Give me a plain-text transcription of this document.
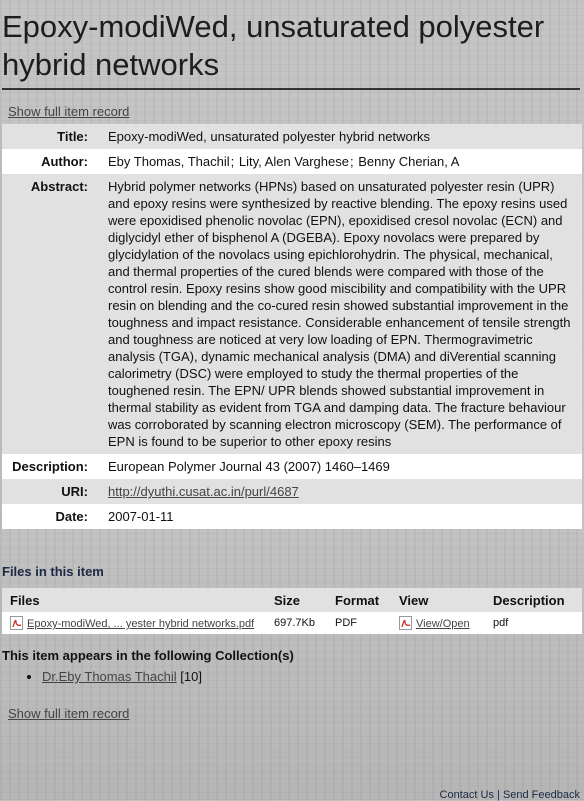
Epoxy-modiWed, unsaturated polyester hybrid networks
Show full item record
Title:	Epoxy-modiWed, unsaturated polyester hybrid networks
Author:	Eby Thomas, Thachil; Lity, Alen Varghese; Benny Cherian, A
Abstract:	Hybrid polymer networks (HPNs) based on unsaturated polyester resin (UPR) and epoxy resins were synthesized by reactive blending. The epoxy resins used were epoxidised phenolic novolac (EPN), epoxidised cresol novolac (ECN) and diglycidyl ether of bisphenol A (DGEBA). Epoxy novolacs were prepared by glycidylation of the novolacs using epichlorohydrin. The physical, mechanical, and thermal properties of the cured blends were compared with those of the control resin. Epoxy resins show good miscibility and compatibility with the UPR resin on blending and the co-cured resin showed substantial improvement in the toughness and impact resistance. Considerable enhancement of tensile strength and toughness are noticed at very low loading of EPN. Thermogravimetric analysis (TGA), dynamic mechanical analysis (DMA) and diVerential scanning calorimetry (DSC) were employed to study the thermal properties of the toughened resin. The EPN/ UPR blends showed substantial improvement in thermal stability as evident from TGA and damping data. The fracture behaviour was corroborated by scanning electron microscopy (SEM). The performance of EPN is found to be superior to other epoxy resins
Description:	European Polymer Journal 43 (2007) 1460–1469
URI:	http://dyuthi.cusat.ac.in/purl/4687
Date:	2007-01-11
Files in this item
Files	Size	Format	View	Description
Epoxy-modiWed, ... yester hybrid networks.pdf	697.7Kb	PDF	View/Open	pdf
This item appears in the following Collection(s)
• Dr.Eby Thomas Thachil [10]
Show full item record
Contact Us | Send Feedback
